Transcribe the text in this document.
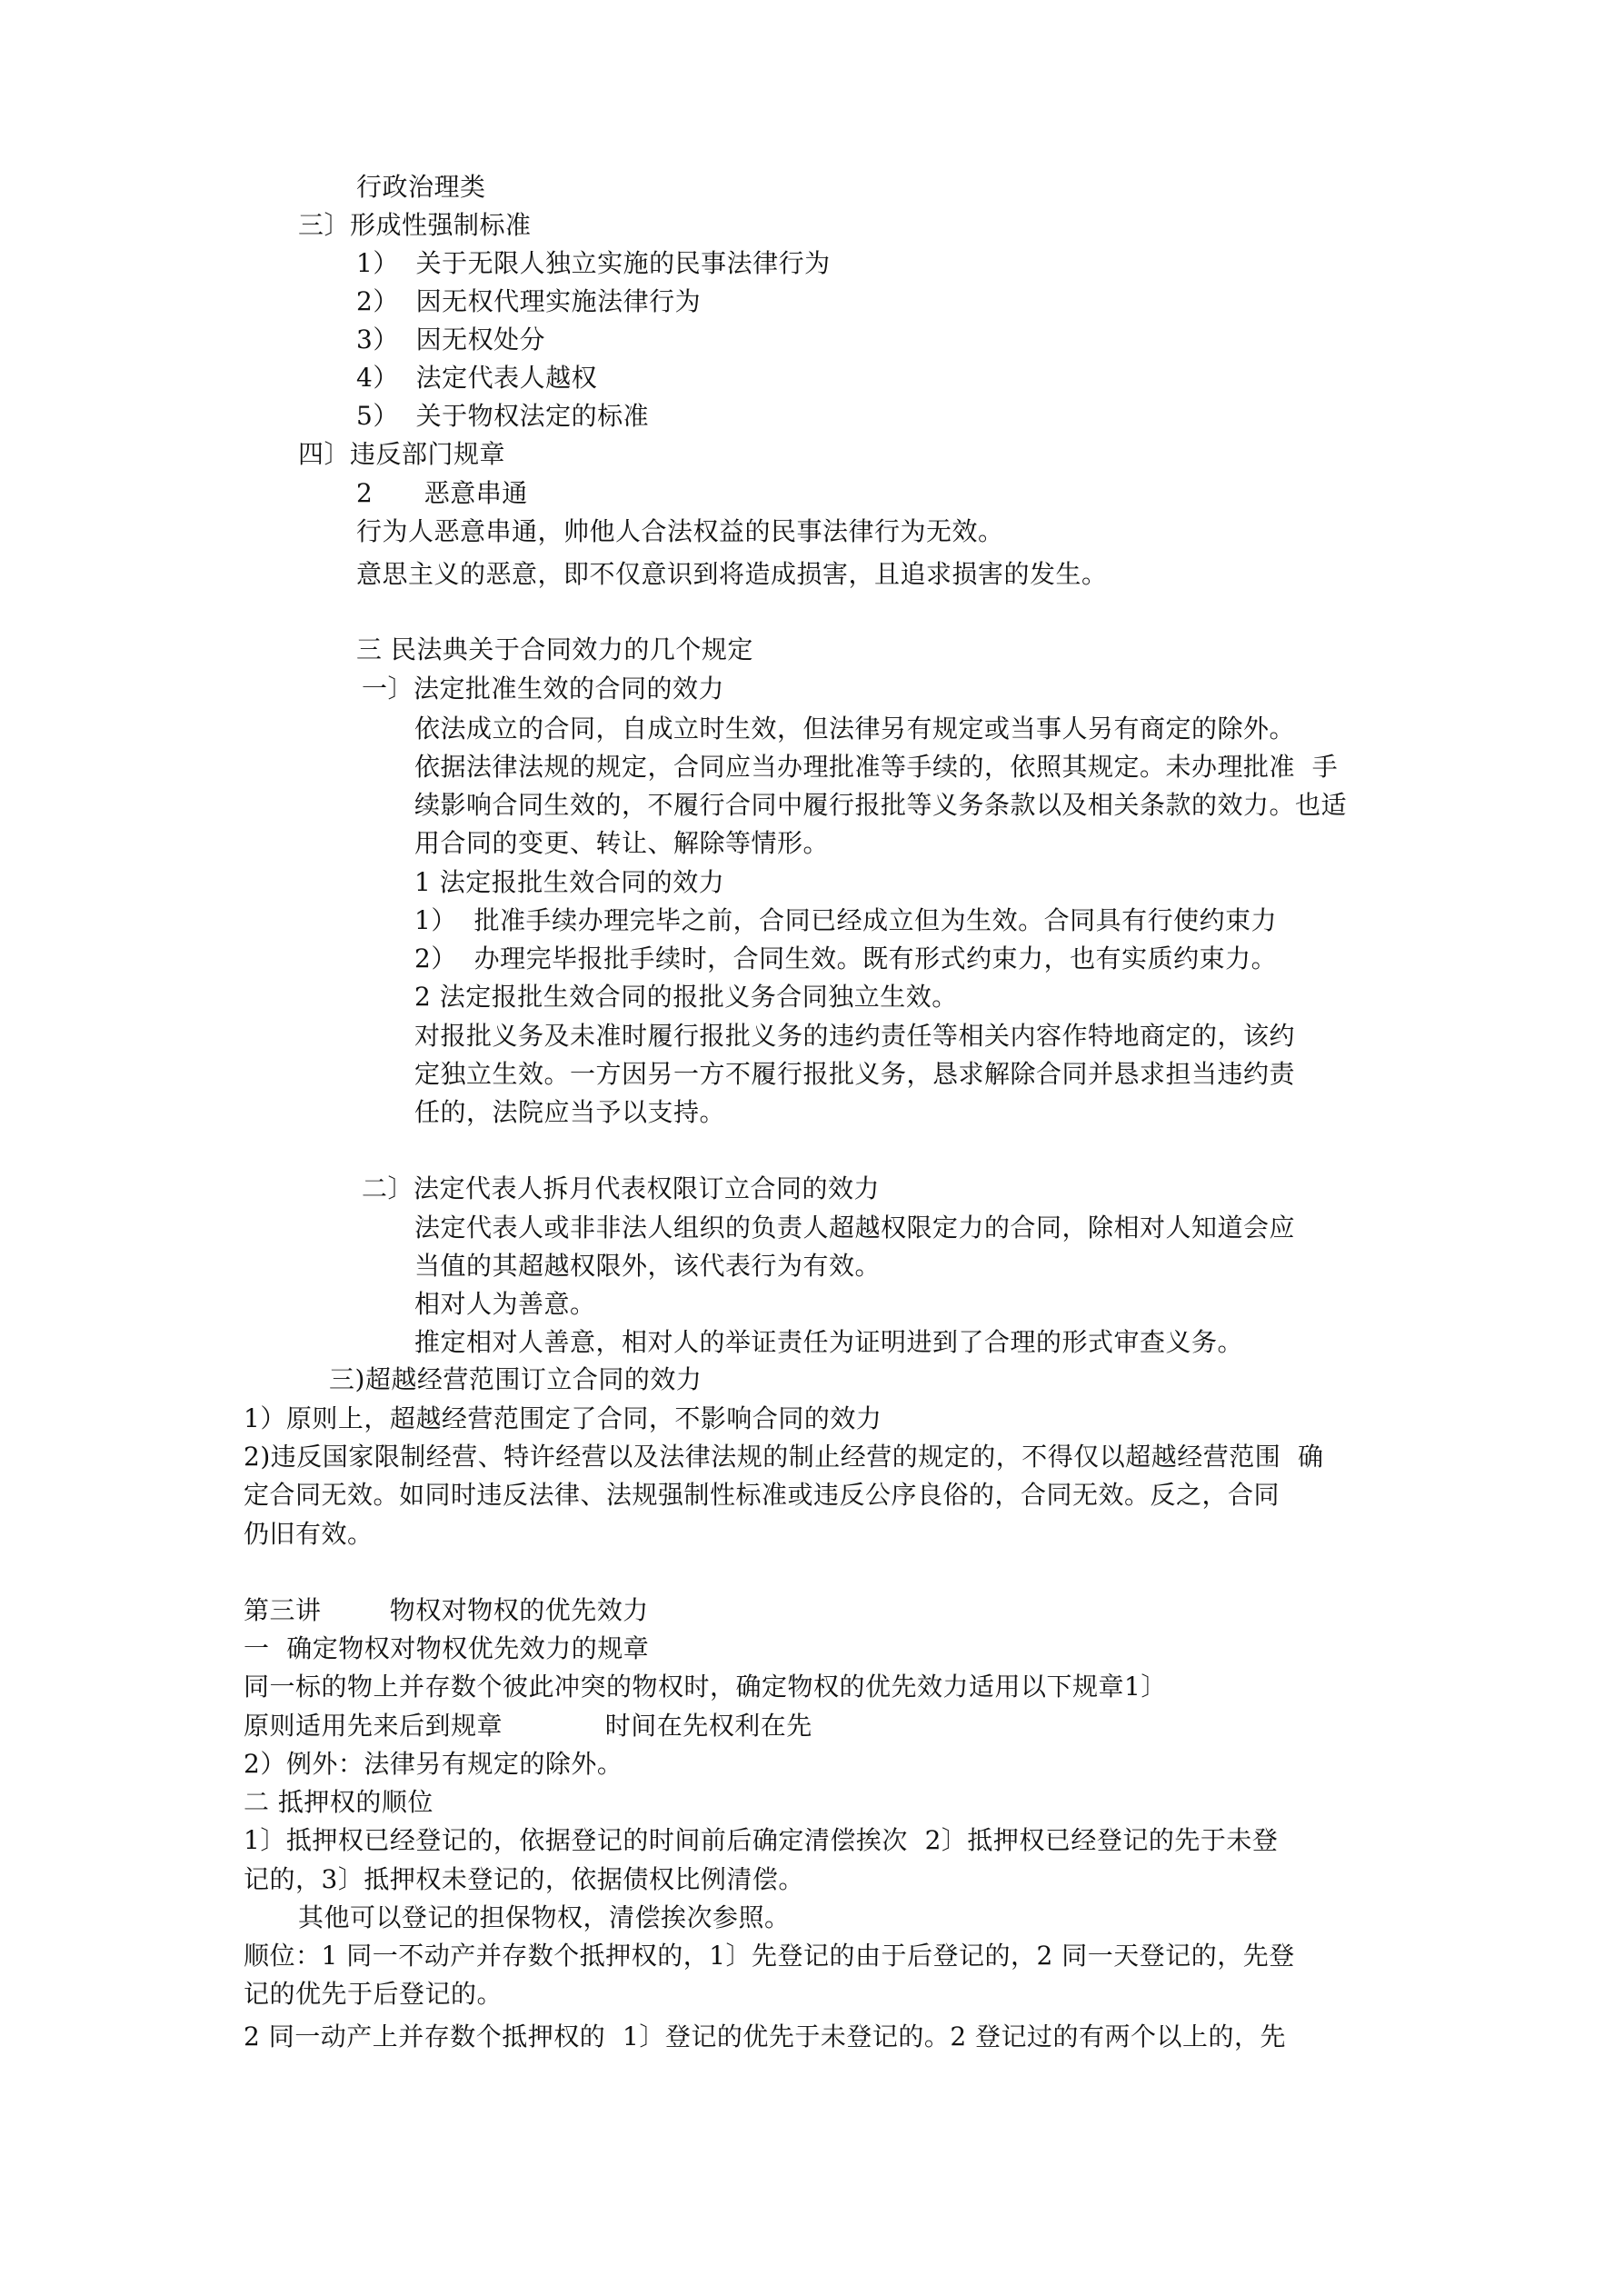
行政治理类
三〕形成性强制标准
1）  关于无限人独立实施的民事法律行为
2）  因无权代理实施法律行为
3）  因无权处分
4）  法定代表人越权
5）  关于物权法定的标准
四〕违反部门规章
2      恶意串通
行为人恶意串通，帅他人合法权益的民事法律行为无效。
意思主义的恶意，即不仅意识到将造成损害，且追求损害的发生。
三 民法典关于合同效力的几个规定
一〕法定批准生效的合同的效力
依法成立的合同，自成立时生效，但法律另有规定或当事人另有商定的除外。
依据法律法规的规定，合同应当办理批准等手续的，依照其规定。未办理批准  手
续影响合同生效的，不履行合同中履行报批等义务条款以及相关条款的效力。也适
用合同的变更、转让、解除等情形。
1 法定报批生效合同的效力
1）  批准手续办理完毕之前，合同已经成立但为生效。合同具有行使约束力
2）  办理完毕报批手续时，合同生效。既有形式约束力，也有实质约束力。
2 法定报批生效合同的报批义务合同独立生效。
对报批义务及未准时履行报批义务的违约责任等相关内容作特地商定的，该约
定独立生效。一方因另一方不履行报批义务，恳求解除合同并恳求担当违约责
任的，法院应当予以支持。
二〕法定代表人拆月代表权限订立合同的效力
法定代表人或非非法人组织的负责人超越权限定力的合同，除相对人知道会应
当值的其超越权限外，该代表行为有效。
相对人为善意。
推定相对人善意，相对人的举证责任为证明进到了合理的形式审查义务。
三)超越经营范围订立合同的效力
1）原则上，超越经营范围定了合同，不影响合同的效力
2)违反国家限制经营、特许经营以及法律法规的制止经营的规定的，不得仅以超越经营范围  确
定合同无效。如同时违反法律、法规强制性标准或违反公序良俗的，合同无效。反之，合同
仍旧有效。
第三讲        物权对物权的优先效力
一  确定物权对物权优先效力的规章
同一标的物上并存数个彼此冲突的物权时，确定物权的优先效力适用以下规章1〕
原则适用先来后到规章            时间在先权利在先
2）例外：法律另有规定的除外。
二 抵押权的顺位
1〕抵押权已经登记的，依据登记的时间前后确定清偿挨次  2〕抵押权已经登记的先于未登
记的，3〕抵押权未登记的，依据债权比例清偿。
其他可以登记的担保物权，清偿挨次参照。
顺位：1 同一不动产并存数个抵押权的，1〕先登记的由于后登记的，2 同一天登记的，先登
记的优先于后登记的。
2 同一动产上并存数个抵押权的  1〕登记的优先于未登记的。2 登记过的有两个以上的，先
